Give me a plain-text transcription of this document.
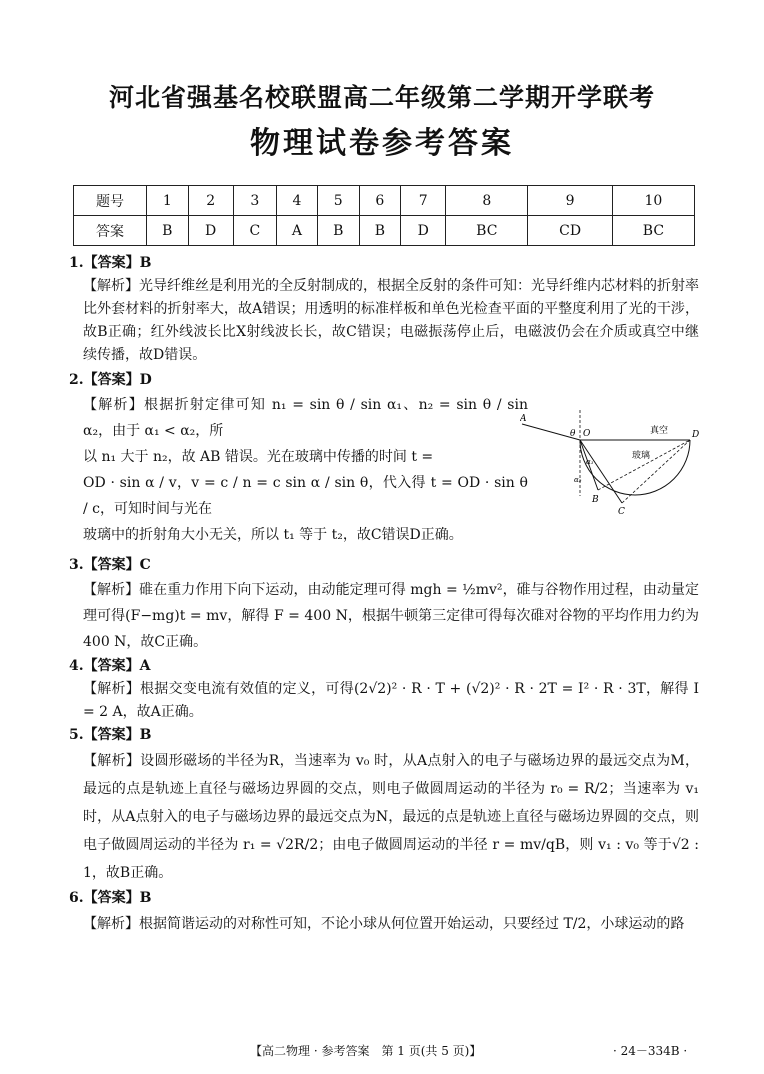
河北省强基名校联盟高二年级第二学期开学联考
物理试卷参考答案
题号	1	2	3	4	5	6	7	8	9	10
答案	B	D	C	A	B	B	D	BC	CD	BC
1.【答案】B

【解析】光导纤维丝是利用光的全反射制成的，根据全反射的条件可知：光导纤维内芯材料的折射率比外套材料的折射率大，故A错误；用透明的标准样板和单色光检查平面的平整度利用了光的干涉，故B正确；红外线波长比X射线波长长，故C错误；电磁振荡停止后，电磁波仍会在介质或真空中继续传播，故D错误。

2.【答案】D
【解析】根据折射定律可知 n₁ = sin θ / sin α₁、n₂ = sin θ / sin α₂，由于 α₁ < α₂，所
以 n₁ 大于 n₂，故 AB 错误。光在玻璃中传播的时间 t =
OD · sin α / v，v = c / n = c sin α / sin θ，代入得 t = OD · sin θ / c，可知时间与光在
玻璃中的折射角大小无关，所以 t₁ 等于 t₂，故C错误D正确。
3.【答案】C

【解析】碓在重力作用下向下运动，由动能定理可得 mgh = ½mv²，碓与谷物作用过程，由动量定理可得(F−mg)t = mv，解得 F = 400 N，根据牛顿第三定律可得每次碓对谷物的平均作用力约为 400 N，故C正确。

4.【答案】A

【解析】根据交变电流有效值的定义，可得(2√2)² · R · T + (√2)² · R · 2T = I² · R · 3T，解得 I = 2 A，故A正确。

5.【答案】B

【解析】设圆形磁场的半径为R，当速率为 v₀ 时，从A点射入的电子与磁场边界的最远交点为M，最远的点是轨迹上直径与磁场边界圆的交点，则电子做圆周运动的半径为 r₀ = R/2；当速率为 v₁ 时，从A点射入的电子与磁场边界的最远交点为N，最远的点是轨迹上直径与磁场边界圆的交点，则电子做圆周运动的半径为 r₁ = √2R/2；由电子做圆周运动的半径 r = mv/qB，则 v₁ : v₀ 等于√2 : 1，故B正确。

6.【答案】B

【解析】根据简谐运动的对称性可知，不论小球从何位置开始运动，只要经过 T/2，小球运动的路

A
θ O	D
真空
玻璃
α₁
α₂
B
C
【高二物理 · 参考答案　第 1 页(共 5 页)】	· 24－334B ·
